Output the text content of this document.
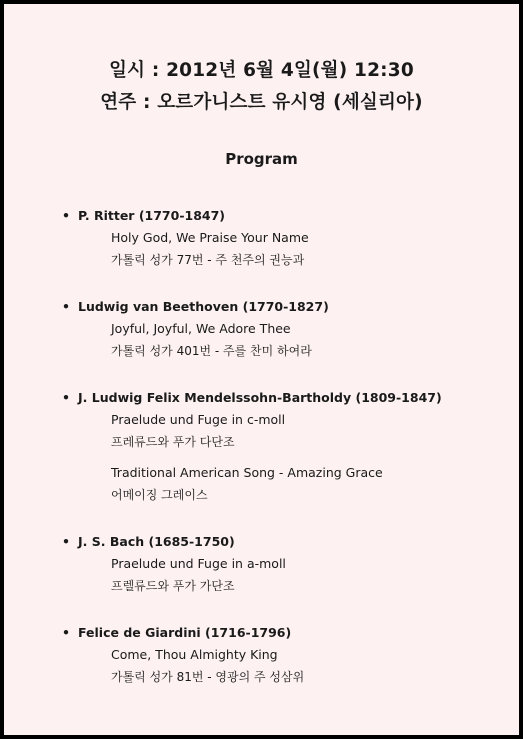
일시 : 2012년 6월 4일(월) 12:30
연주 : 오르가니스트 유시영 (세실리아)
Program
• P. Ritter (1770-1847)
Holy God, We Praise Your Name
가톨릭 성가 77번 - 주 천주의 권능과
• Ludwig van Beethoven (1770-1827)
Joyful, Joyful, We Adore Thee
가톨릭 성가 401번 - 주를 찬미 하여라
• J. Ludwig Felix Mendelssohn-Bartholdy (1809-1847)
Praelude und Fuge in c-moll
프레류드와 푸가 다단조
Traditional American Song - Amazing Grace
어메이징 그레이스
• J. S. Bach (1685-1750)
Praelude und Fuge in a-moll
프렐류드와 푸가 가단조
• Felice de Giardini (1716-1796)
Come, Thou Almighty King
가톨릭 성가 81번 - 영광의 주 성삼위
